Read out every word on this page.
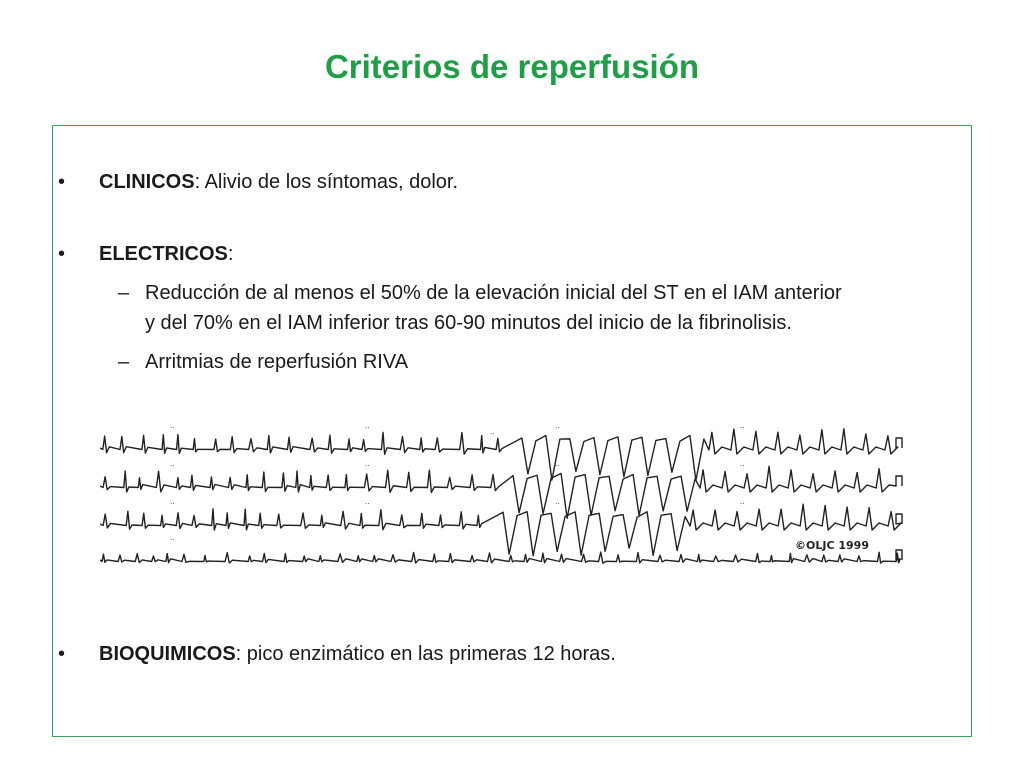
Criterios de reperfusión
•	CLINICOS: Alivio de los síntomas, dolor.
•	ELECTRICOS:
– Reducción de al menos el 50% de la elevación inicial del ST en el IAM anterior
y del 70% en el IAM inferior tras 60-90 minutos del inicio de la fibrinolisis.
– Arritmias de reperfusión RIVA
··
··
··
··
··
··
··
··
··
··
··
··
··
··
©OLJC 1999
•	BIOQUIMICOS: pico enzimático en las primeras 12 horas.
